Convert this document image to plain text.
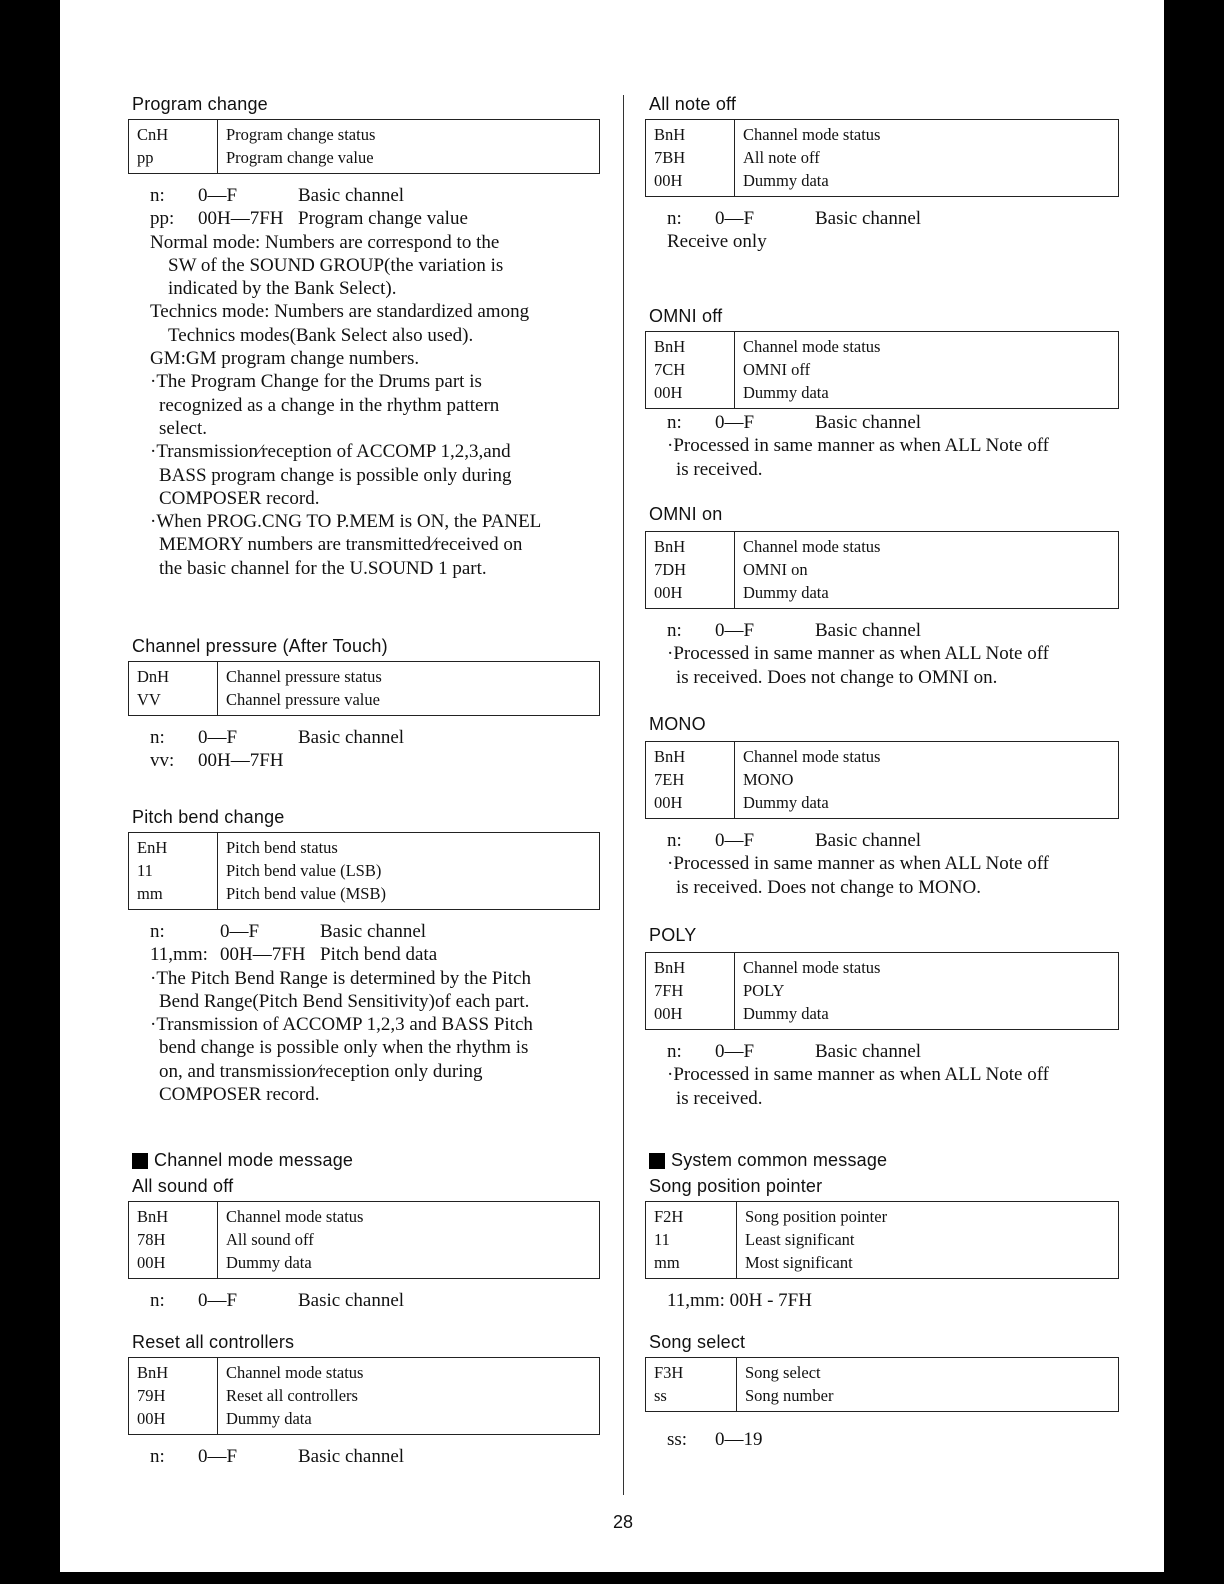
Program change
CnH	Program change status
pp	Program change value
n:	0—F	Basic channel
pp:	00H—7FH Program change value
Normal mode: Numbers are correspond to the
SW of the SOUND GROUP(the variation is
indicated by the Bank Select).
Technics mode: Numbers are standardized among
Technics modes(Bank Select also used).
GM:GM program change numbers.
·The Program Change for the Drums part is
recognized as a change in the rhythm pattern
select.
·Transmission∕reception of ACCOMP 1,2,3,and
BASS program change is possible only during
COMPOSER record.
·When PROG.CNG TO P.MEM is ON, the PANEL
MEMORY numbers are transmitted∕received on
the basic channel for the U.SOUND 1 part.
Channel pressure (After Touch)
DnH	Channel pressure status
VV	Channel pressure value
n:	0—F	Basic channel
vv:	00H—7FH
Pitch bend change
EnH	Pitch bend status
11	Pitch bend value (LSB)
mm	Pitch bend value (MSB)
n:	0—F	Basic channel
11,mm: 00H—7FH Pitch bend data
·The Pitch Bend Range is determined by the Pitch
Bend Range(Pitch Bend Sensitivity)of each part.
·Transmission of ACCOMP 1,2,3 and BASS Pitch
bend change is possible only when the rhythm is
on, and transmission∕reception only during
COMPOSER record.
Channel mode message
All sound off
BnH	Channel mode status
78H	All sound off
00H	Dummy data
n:	0—F	Basic channel
Reset all controllers
BnH	Channel mode status
79H	Reset all controllers
00H	Dummy data
n:	0—F	Basic channel
All note off
BnH	Channel mode status
7BH	All note off
00H	Dummy data
n:	0—F	Basic channel
Receive only
OMNI off
BnH	Channel mode status
7CH	OMNI off
00H	Dummy data
n:	0—F	Basic channel
·Processed in same manner as when ALL Note off
is received.
OMNI on
BnH	Channel mode status
7DH	OMNI on
00H	Dummy data
n:	0—F	Basic channel
·Processed in same manner as when ALL Note off
is received. Does not change to OMNI on.
MONO
BnH	Channel mode status
7EH	MONO
00H	Dummy data
n:	0—F	Basic channel
·Processed in same manner as when ALL Note off
is received. Does not change to MONO.
POLY
BnH	Channel mode status
7FH	POLY
00H	Dummy data
n:	0—F	Basic channel
·Processed in same manner as when ALL Note off
is received.
System common message
Song position pointer
F2H	Song position pointer
11	Least significant
mm	Most significant
11,mm: 00H - 7FH
Song select
F3H	Song select
ss	Song number
ss:	0—19
28
